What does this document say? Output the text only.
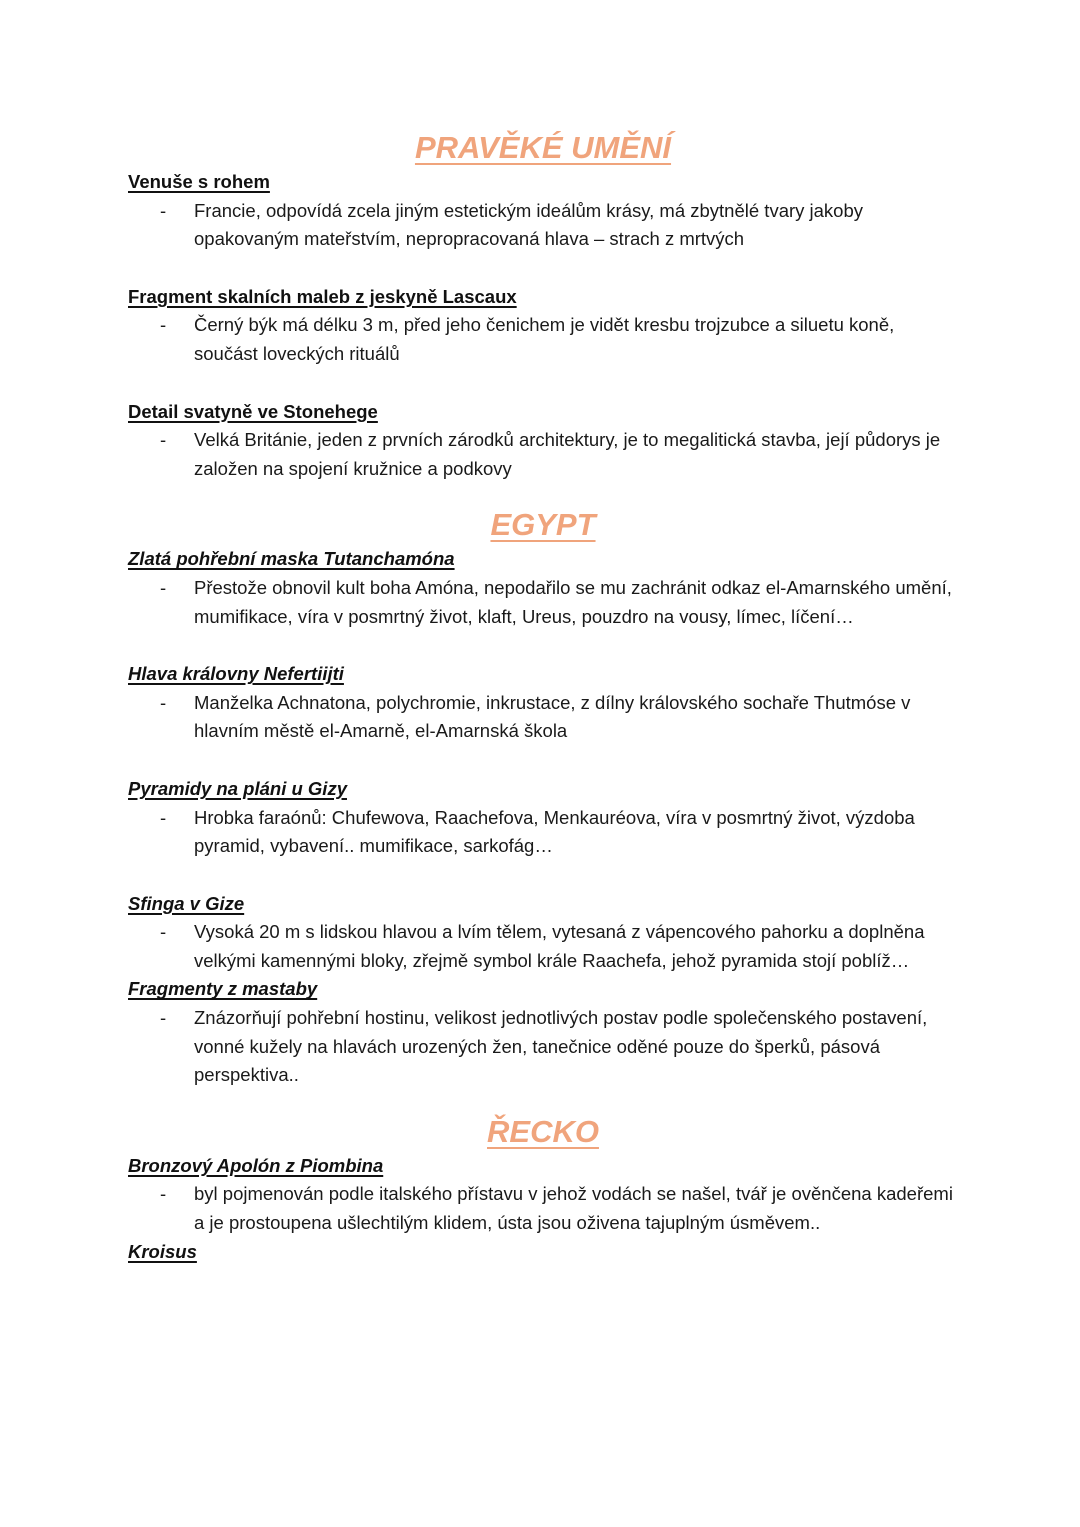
PRAVĚKÉ UMĚNÍ

Venuše s rohem

- Francie, odpovídá zcela jiným estetickým ideálům krásy, má zbytnělé tvary jakoby opakovaným mateřstvím, nepropracovaná hlava – strach z mrtvých

Fragment skalních maleb z jeskyně Lascaux

- Černý býk má délku 3 m, před jeho čenichem je vidět kresbu trojzubce a siluetu koně, součást loveckých rituálů

Detail svatyně ve Stonehege

- Velká Británie, jeden z prvních zárodků architektury, je to megalitická stavba, její půdorys je založen na spojení kružnice a podkovy

EGYPT

Zlatá pohřební maska Tutanchamóna

- Přestože obnovil kult boha Amóna, nepodařilo se mu zachránit odkaz el-Amarnského umění, mumifikace, víra v posmrtný život, klaft, Ureus, pouzdro na vousy, límec, líčení…

Hlava královny Nefertiijti

- Manželka Achnatona, polychromie, inkrustace, z dílny královského sochaře Thutmóse v hlavním městě el-Amarně, el-Amarnská škola

Pyramidy na pláni u Gizy

- Hrobka faraónů: Chufewova, Raachefova, Menkauréova, víra v posmrtný život, výzdoba pyramid, vybavení.. mumifikace, sarkofág…

Sfinga v Gize

- Vysoká 20 m s lidskou hlavou a lvím tělem, vytesaná z vápencového pahorku a doplněna velkými kamennými bloky, zřejmě symbol krále Raachefa, jehož pyramida stojí poblíž…

Fragmenty z mastaby

- Znázorňují pohřební hostinu, velikost jednotlivých postav podle společenského postavení, vonné kužely na hlavách urozených žen, tanečnice oděné pouze do šperků, pásová perspektiva..

ŘECKO

Bronzový Apolón z Piombina

- byl pojmenován podle italského přístavu v jehož vodách se našel, tvář je ověnčena kadeřemi a je prostoupena ušlechtilým klidem, ústa jsou oživena tajuplným úsměvem..

Kroisus
